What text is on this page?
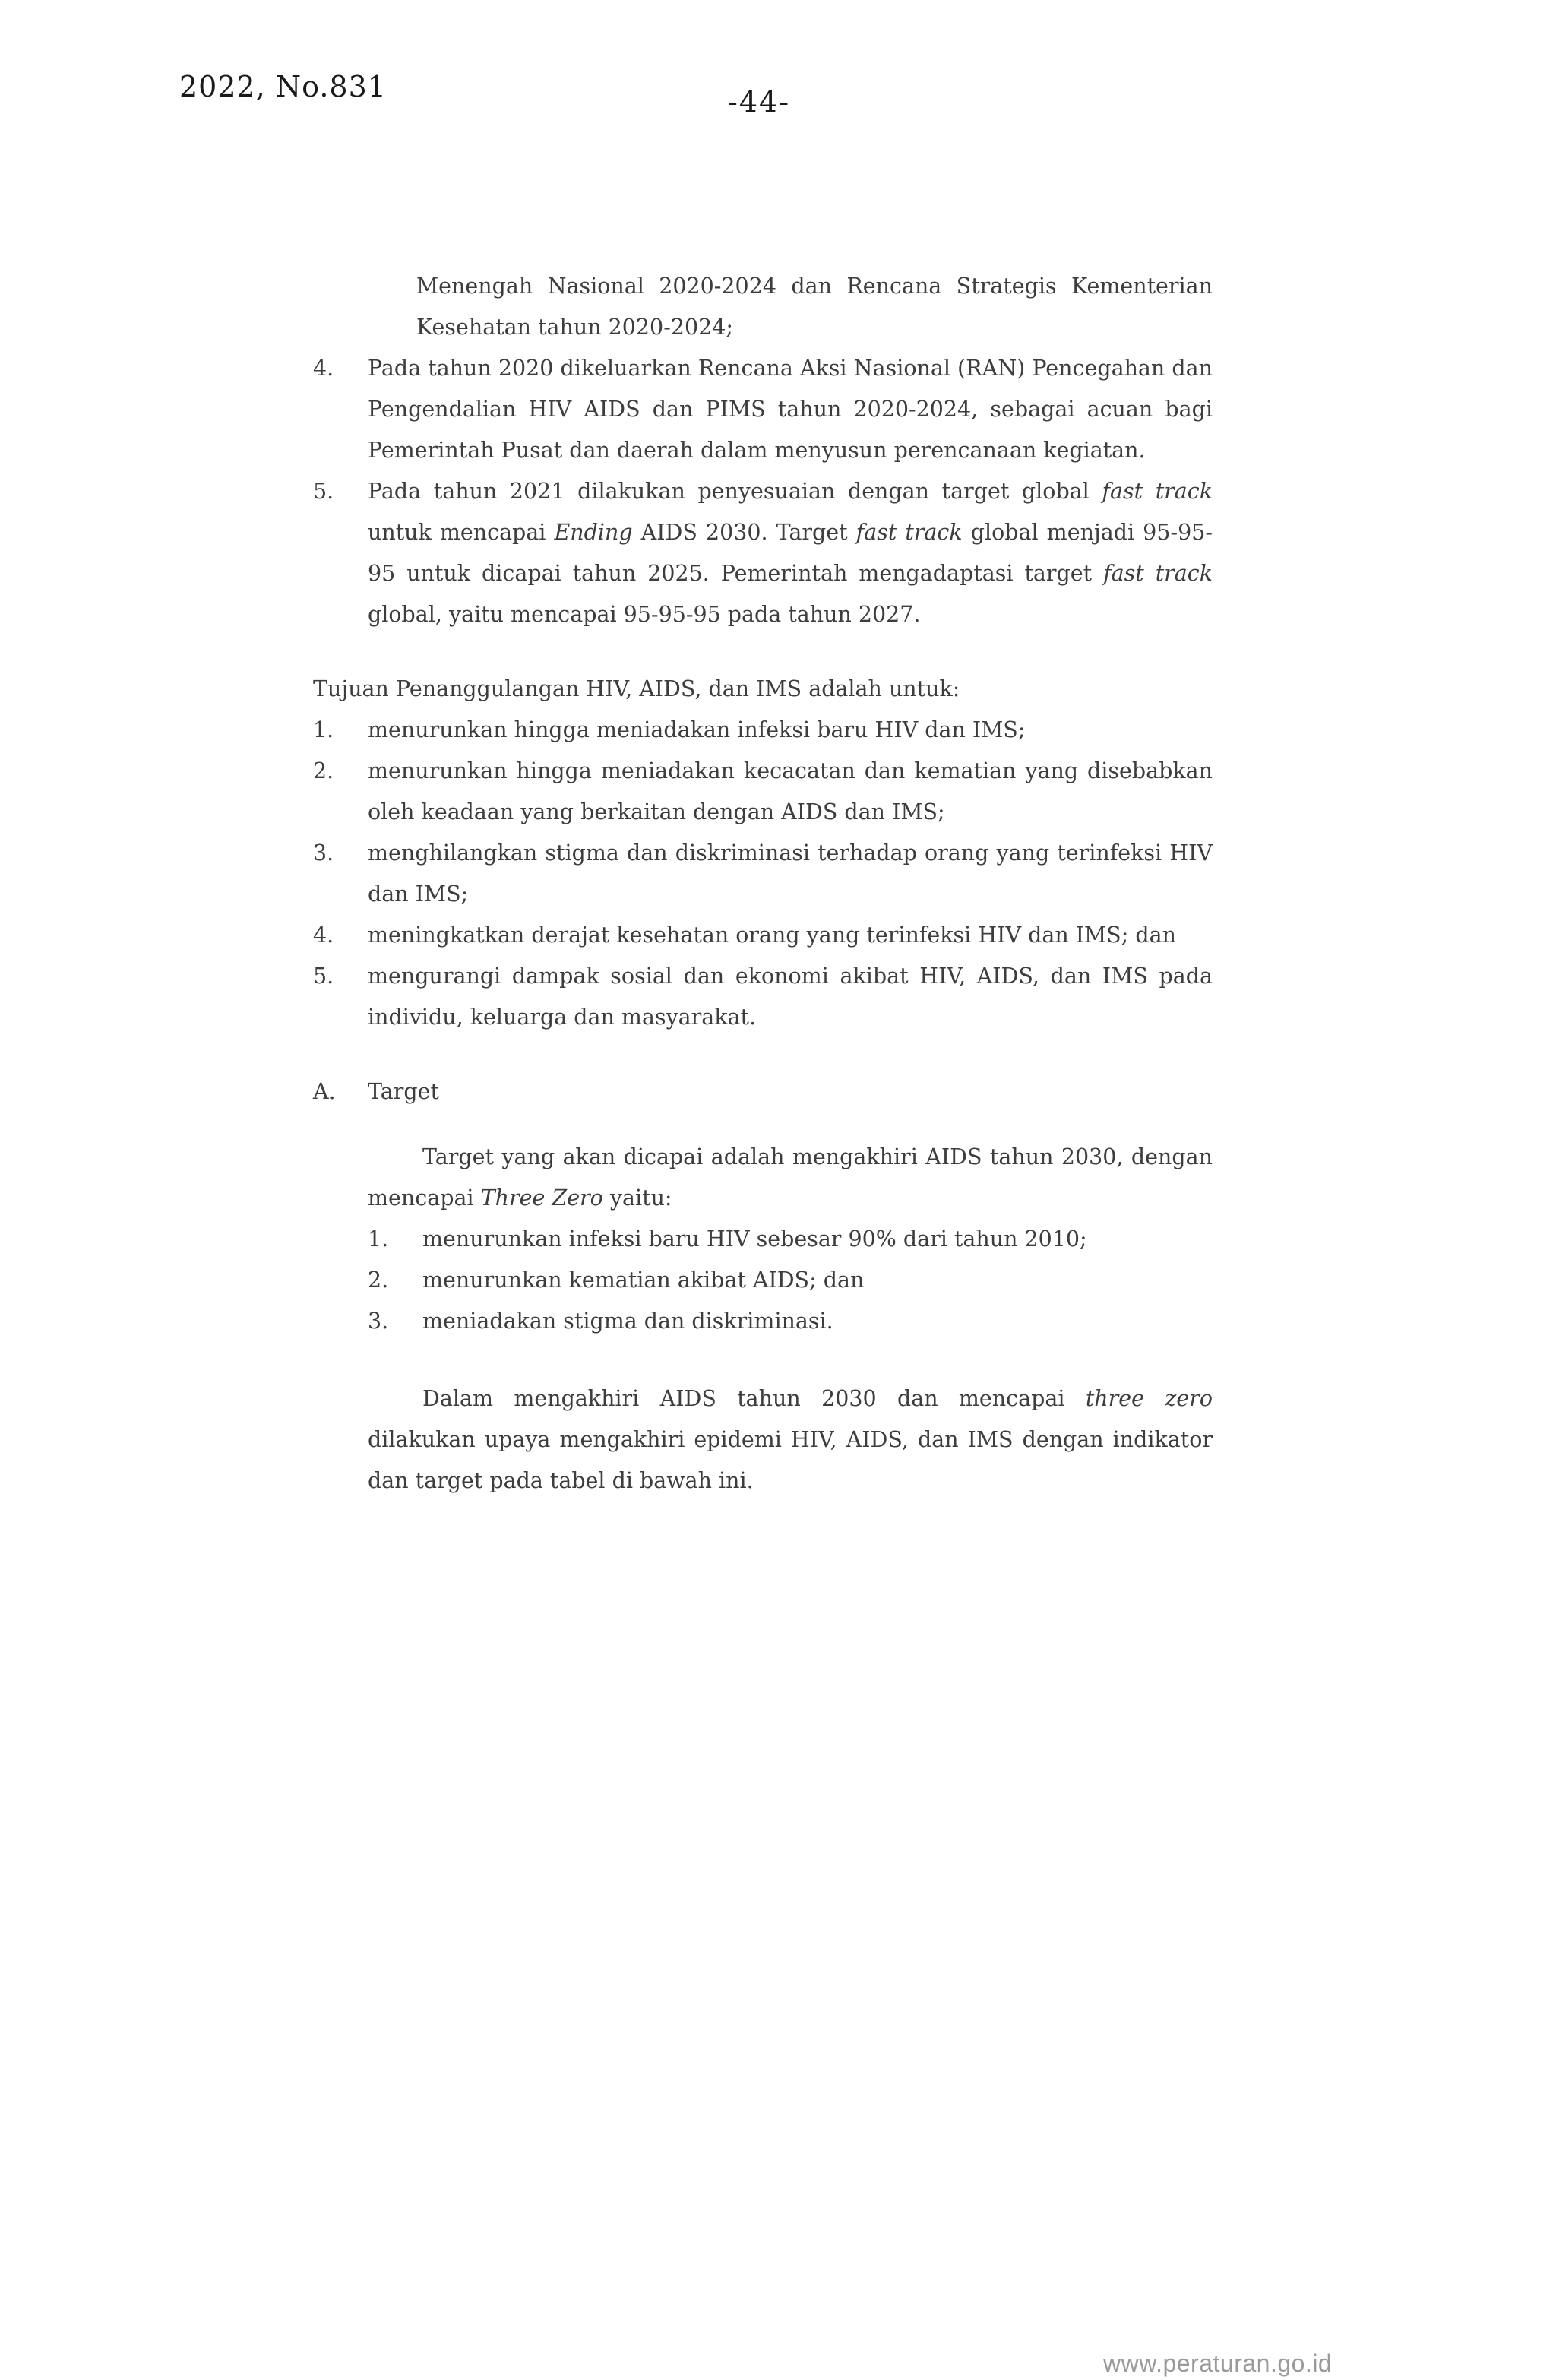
2022, No.831	-44-
Menengah Nasional 2020-2024 dan Rencana Strategis Kementerian
Kesehatan tahun 2020-2024;
4. Pada tahun 2020 dikeluarkan Rencana Aksi Nasional (RAN) Pencegahan dan Pengendalian HIV AIDS dan PIMS tahun 2020-2024, sebagai acuan bagi Pemerintah Pusat dan daerah dalam menyusun perencanaan kegiatan.
5. Pada tahun 2021 dilakukan penyesuaian dengan target global fast track untuk mencapai Ending AIDS 2030. Target fast track global menjadi 95-95-95 untuk dicapai tahun 2025. Pemerintah mengadaptasi target fast track global, yaitu mencapai 95-95-95 pada tahun 2027.
Tujuan Penanggulangan HIV, AIDS, dan IMS adalah untuk:
1. menurunkan hingga meniadakan infeksi baru HIV dan IMS;
2. menurunkan hingga meniadakan kecacatan dan kematian yang disebabkan oleh keadaan yang berkaitan dengan AIDS dan IMS;
3. menghilangkan stigma dan diskriminasi terhadap orang yang terinfeksi HIV dan IMS;
4. meningkatkan derajat kesehatan orang yang terinfeksi HIV dan IMS; dan
5. mengurangi dampak sosial dan ekonomi akibat HIV, AIDS, dan IMS pada individu, keluarga dan masyarakat.
A. Target
Target yang akan dicapai adalah mengakhiri AIDS tahun 2030, dengan mencapai Three Zero yaitu:
1. menurunkan infeksi baru HIV sebesar 90% dari tahun 2010;
2. menurunkan kematian akibat AIDS; dan
3. meniadakan stigma dan diskriminasi.
Dalam mengakhiri AIDS tahun 2030 dan mencapai three zero dilakukan upaya mengakhiri epidemi HIV, AIDS, dan IMS dengan indikator dan target pada tabel di bawah ini.
www.peraturan.go.id
